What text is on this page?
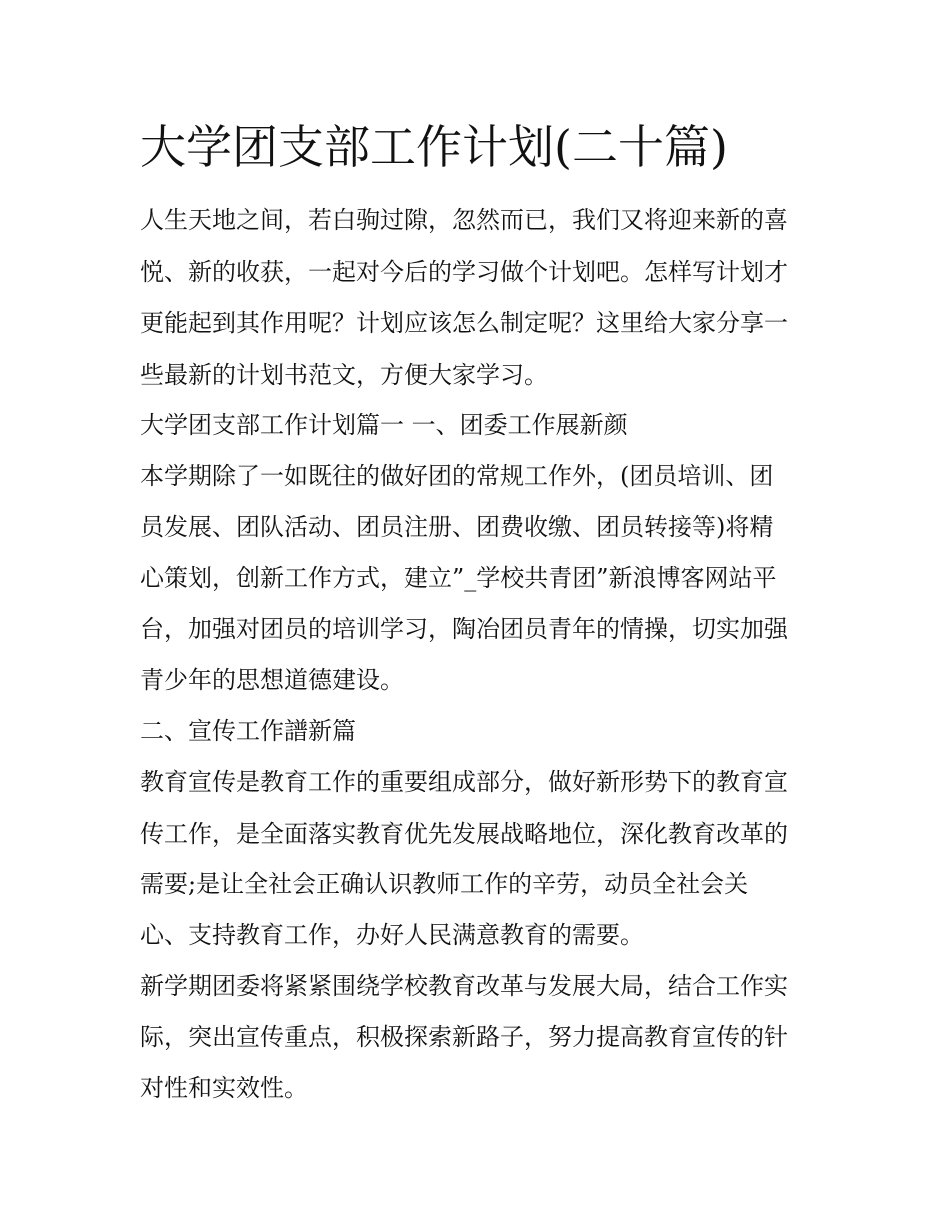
大学团支部工作计划(二十篇)

人生天地之间，若白驹过隙，忽然而已，我们又将迎来新的喜

悦、新的收获，一起对今后的学习做个计划吧。怎样写计划才

更能起到其作用呢？计划应该怎么制定呢？这里给大家分享一

些最新的计划书范文，方便大家学习。

大学团支部工作计划篇一 一、团委工作展新颜

本学期除了一如既往的做好团的常规工作外，(团员培训、团

员发展、团队活动、团员注册、团费收缴、团员转接等)将精

心策划，创新工作方式，建立”_学校共青团”新浪博客网站平

台，加强对团员的培训学习，陶冶团员青年的情操，切实加强

青少年的思想道德建设。

二、宣传工作譜新篇

教育宣传是教育工作的重要组成部分，做好新形势下的教育宣

传工作，是全面落实教育优先发展战略地位，深化教育改革的

需要;是让全社会正确认识教师工作的辛劳，动员全社会关

心、支持教育工作，办好人民满意教育的需要。

新学期团委将紧紧围绕学校教育改革与发展大局，结合工作实

际，突出宣传重点，积极探索新路子，努力提高教育宣传的针

对性和实效性。
